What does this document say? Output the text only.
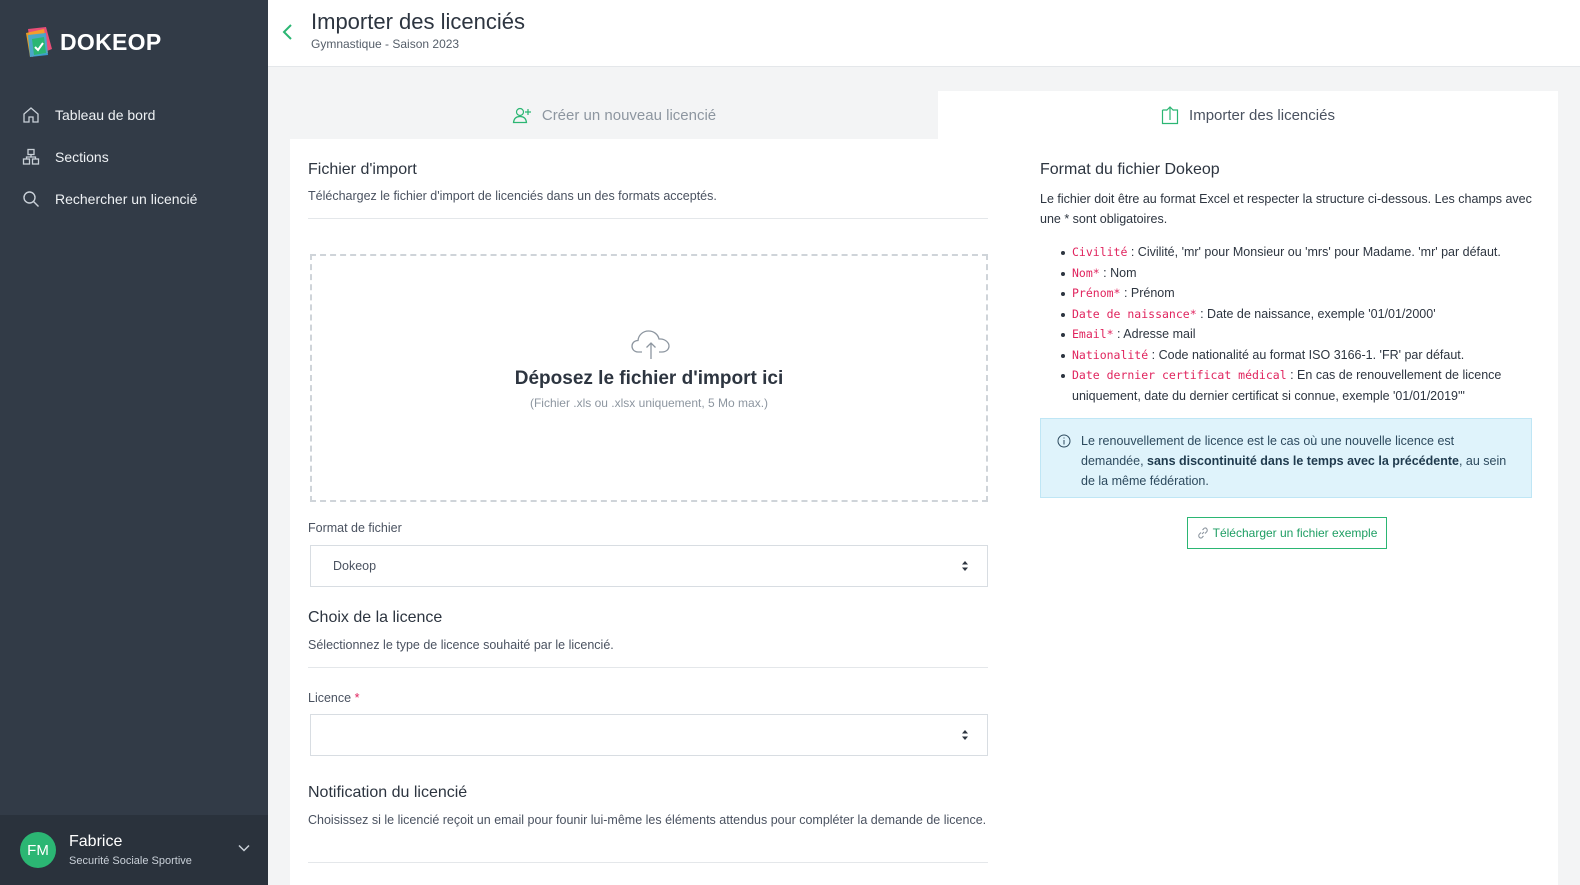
DOKEOP
Tableau de bord
Sections
Rechercher un licencié
FM	Fabrice
Securité Sociale Sportive
Importer des licenciés
Gymnastique - Saison 2023
Créer un nouveau licencié	Importer des licenciés
Fichier d'import

Téléchargez le fichier d'import de licenciés dans un des formats acceptés.

Déposez le fichier d'import ici
(Fichier .xls ou .xlsx uniquement, 5 Mo max.)
Format de fichier
Dokeop
Choix de la licence

Sélectionnez le type de licence souhaité par le licencié.

Licence *
Notification du licencié

Choisissez si le licencié reçoit un email pour founir lui-même les éléments attendus pour compléter la demande de licence.

Format du fichier Dokeop

Le fichier doit être au format Excel et respecter la structure ci-dessous. Les champs avec une * sont obligatoires.

Civilité : Civilité, 'mr' pour Monsieur ou 'mrs' pour Madame. 'mr' par défaut.
Nom* : Nom
Prénom* : Prénom
Date de naissance* : Date de naissance, exemple '01/01/2000'
Email* : Adresse mail
Nationalité : Code nationalité au format ISO 3166-1. 'FR' par défaut.
Date dernier certificat médical : En cas de renouvellement de licence uniquement, date du dernier certificat si connue, exemple '01/01/2019'"
Le renouvellement de licence est le cas où une nouvelle licence est demandée, sans discontinuité dans le temps avec la précédente, au sein de la même fédération.
Télécharger un fichier exemple
